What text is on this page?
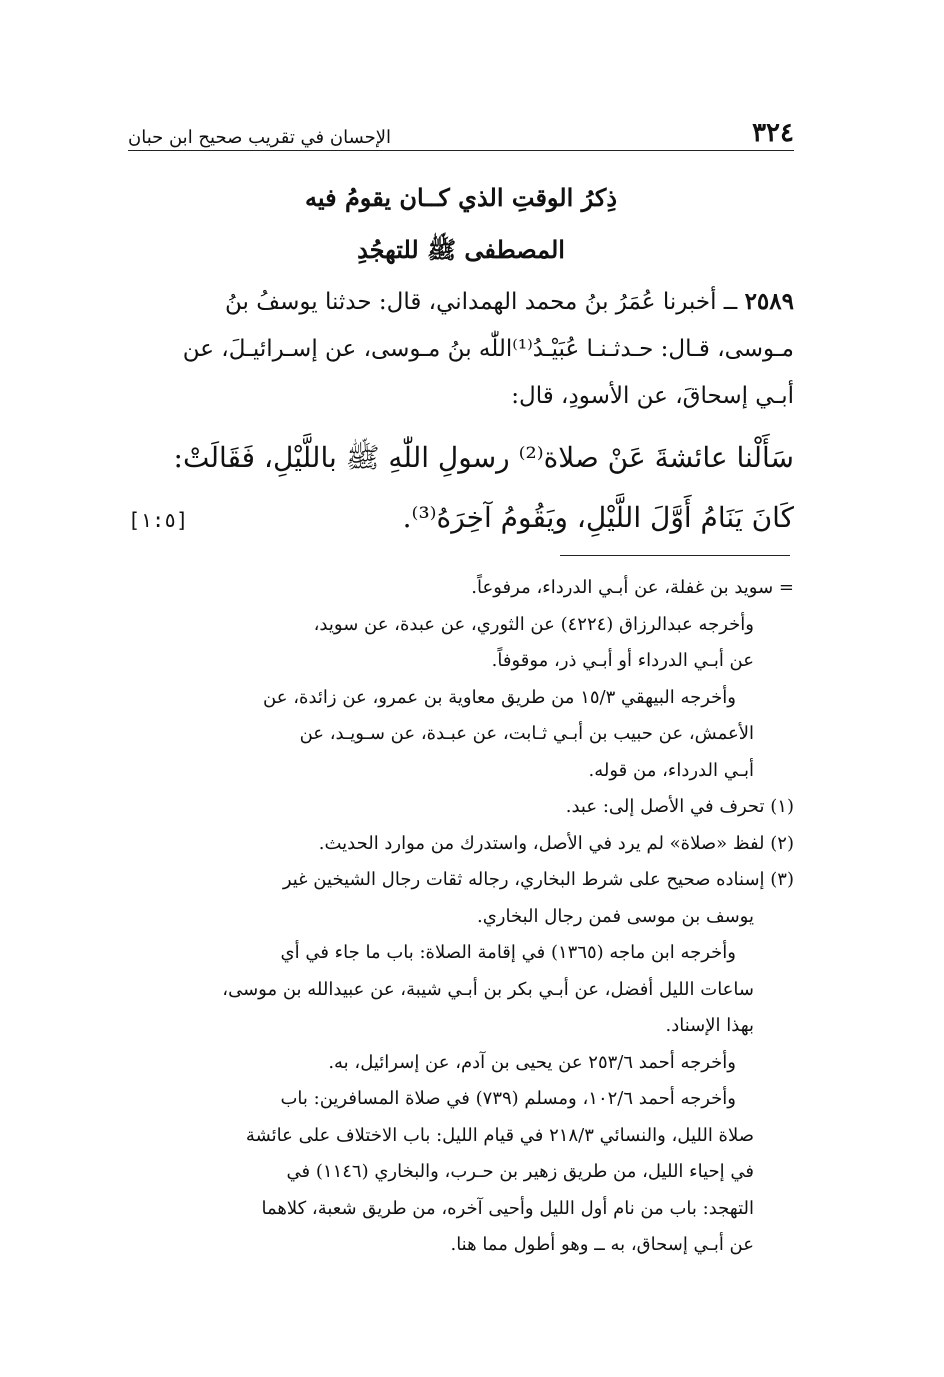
٣٢٤
الإحسان في تقريب صحيح ابن حبان
ذِكرُ الوقتِ الذي كــان يقومُ فيه
المصطفى ﷺ للتهجُدِ
٢٥٨٩ ــ أخبرنا عُمَرُ بنُ محمد الهمداني، قال: حدثنا يوسفُ بنُ
مـوسى، قـال: حـدثـنـا عُبَيْـدُ⁽¹⁾اللّٰه بنُ مـوسى، عن إسـرائيـلَ، عن
أبـي إسحاقَ، عن الأسودِ، قال:
سَأَلْنا عائشةَ عَنْ صلاة⁽²⁾ رسولِ اللّٰهِ ﷺ باللَّيْلِ، فَقَالَتْ:
كَانَ يَنَامُ أَوَّلَ اللَّيْلِ، ويَقُومُ آخِرَهُ⁽³⁾.
[١:٥]
= سويد بن غفلة، عن أبـي الدرداء، مرفوعاً.
وأخرجه عبدالرزاق (٤٢٢٤) عن الثوري، عن عبدة، عن سويد،
عن أبـي الدرداء أو أبـي ذر، موقوفاً.
وأخرجه البيهقي ١٥/٣ من طريق معاوية بن عمرو، عن زائدة، عن
الأعمش، عن حبيب بن أبـي ثـابت، عن عبـدة، عن سـويـد، عن
أبـي الدرداء، من قوله.
(١) تحرف في الأصل إلى: عبد.
(٢) لفظ «صلاة» لم يرد في الأصل، واستدرك من موارد الحديث.
(٣) إسناده صحيح على شرط البخاري، رجاله ثقات رجال الشيخين غير
يوسف بن موسى فمن رجال البخاري.
وأخرجه ابن ماجه (١٣٦٥) في إقامة الصلاة: باب ما جاء في أي
ساعات الليل أفضل، عن أبـي بكر بن أبـي شيبة، عن عبيدالله بن موسى،
بهذا الإسناد.
وأخرجه أحمد ٢٥٣/٦ عن يحيى بن آدم، عن إسرائيل، به.
وأخرجه أحمد ١٠٢/٦، ومسلم (٧٣٩) في صلاة المسافرين: باب
صلاة الليل، والنسائي ٢١٨/٣ في قيام الليل: باب الاختلاف على عائشة
في إحياء الليل، من طريق زهير بن حـرب، والبخاري (١١٤٦) في
التهجد: باب من نام أول الليل وأحيى آخره، من طريق شعبة، كلاهما
عن أبـي إسحاق، به ــ وهو أطول مما هنا.
